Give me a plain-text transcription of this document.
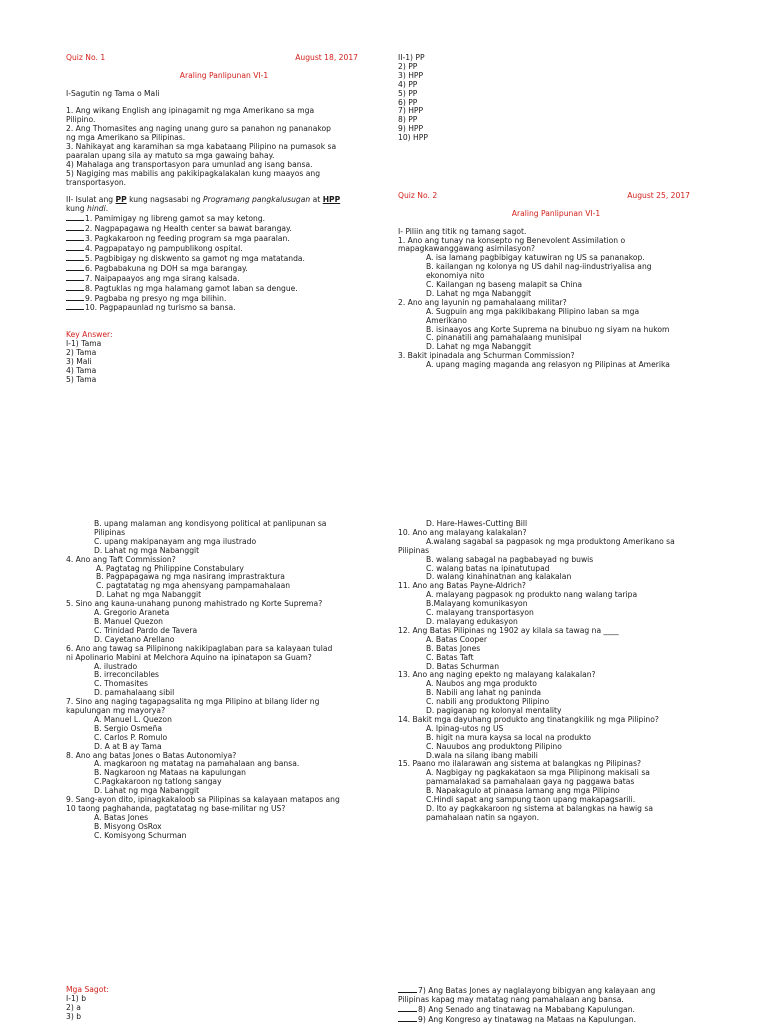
Quiz No. 1	August 18, 2017
Araling Panlipunan VI-1
I-Sagutin ng Tama o Mali
1. Ang wikang English ang ipinagamit ng mga Amerikano sa mga
Pilipino.
2. Ang Thomasites ang naging unang guro sa panahon ng pananakop
ng mga Amerikano sa Pilipinas.
3. Nahikayat ang karamihan sa mga kabataang Pilipino na pumasok sa
paaralan upang sila ay matuto sa mga gawaing bahay.
4) Mahalaga ang transportasyon para umunlad ang isang bansa.
5) Nagiging mas mabilis ang pakikipagkalakalan kung maayos ang
transportasyon.
II- Isulat ang PP kung nagsasabi ng Programang pangkalusugan at HPP
kung hindi.
1. Pamimigay ng libreng gamot sa may ketong.
2. Nagpapagawa ng Health center sa bawat barangay.
3. Pagkakaroon ng feeding program sa mga paaralan.
4. Pagpapatayo ng pampublikong ospital.
5. Pagbibigay ng diskwento sa gamot ng mga matatanda.
6. Pagbabakuna ng DOH sa mga barangay.
7. Naipapaayos ang mga sirang kalsada.
8. Pagtuklas ng mga halamang gamot laban sa dengue.
9. Pagbaba ng presyo ng mga bilihin.
10. Pagpapaunlad ng turismo sa bansa.
Key Answer:
I-1) Tama
2) Tama
3) Mali
4) Tama
5) Tama
II-1) PP
2) PP
3) HPP
4) PP
5) PP
6) PP
7) HPP
8) PP
9) HPP
10) HPP
Quiz No. 2	August 25, 2017
Araling Panlipunan VI-1
I- Piliin ang titik ng tamang sagot.
1. Ano ang tunay na konsepto ng Benevolent Assimilation o
mapagkawanggawang asimilasyon?
A. isa lamang pagbibigay katuwiran ng US sa pananakop.
B. kailangan ng kolonya ng US dahil nag-iindustriyalisa ang
ekonomiya nito
C. Kailangan ng baseng malapit sa China
D. Lahat ng mga Nabanggit
2. Ano ang layunin ng pamahalaang militar?
A. Sugpuin ang mga pakikibakang Pilipino laban sa mga
Amerikano
B. isinaayos ang Korte Suprema na binubuo ng siyam na hukom
C. pinanatili ang pamahalaang munisipal
D. Lahat ng mga Nabanggit
3. Bakit ipinadala ang Schurman Commission?
A. upang maging maganda ang relasyon ng Pilipinas at Amerika
B. upang malaman ang kondisyong political at panlipunan sa
Pilipinas
C. upang makipanayam ang mga ilustrado
D. Lahat ng mga Nabanggit
4. Ano ang Taft Commission?
A. Pagtatag ng Philippine Constabulary
B. Pagpapagawa ng mga nasirang imprastraktura
C. pagtatatag ng mga ahensyang pampamahalaan
D. Lahat ng mga Nabanggit
5. Sino ang kauna-unahang punong mahistrado ng Korte Suprema?
A. Gregorio Araneta
B. Manuel Quezon
C. Trinidad Pardo de Tavera
D. Cayetano Arellano
6. Ano ang tawag sa Pilipinong nakikipaglaban para sa kalayaan tulad
ni Apolinario Mabini at Melchora Aquino na ipinatapon sa Guam?
A. ilustrado
B. irreconcilables
C. Thomasites
D. pamahalaang sibil
7. Sino ang naging tagapagsalita ng mga Pilipino at bilang lider ng
kapulungan mg mayorya?
A. Manuel L. Quezon
B. Sergio Osmeña
C. Carlos P. Romulo
D. A at B ay Tama
8. Ano ang batas Jones o Batas Autonomiya?
A. magkaroon ng matatag na pamahalaan ang bansa.
B. Nagkaroon ng Mataas na kapulungan
C.Pagkakaroon ng tatlong sangay
D. Lahat ng mga Nabanggit
9. Sang-ayon dito, ipinagkakaloob sa Pilipinas sa kalayaan matapos ang
10 taong paghahanda, pagtatatag ng base-militar ng US?
A. Batas Jones
B. Misyong OsRox
C. Komisyong Schurman
D. Hare-Hawes-Cutting Bill
10. Ano ang malayang kalakalan?
A.walang sagabal sa pagpasok ng mga produktong Amerikano sa
Pilipinas
B. walang sabagal na pagbabayad ng buwis
C. walang batas na ipinatutupad
D. walang kinahinatnan ang kalakalan
11. Ano ang Batas Payne-Aldrich?
A. malayang pagpasok ng produkto nang walang taripa
B.Malayang komunikasyon
C. malayang transportasyon
D. malayang edukasyon
12. Ang Batas Pilipinas ng 1902 ay kilala sa tawag na ____
A. Batas Cooper
B. Batas Jones
C. Batas Taft
D. Batas Schurman
13. Ano ang naging epekto ng malayang kalakalan?
A. Naubos ang mga produkto
B. Nabili ang lahat ng paninda
C. nabili ang produktong Pilipino
D. pagiganap ng kolonyal mentality
14. Bakit mga dayuhang produkto ang tinatangkilik ng mga Pilipino?
A. Ipinag-utos ng US
B. higit na mura kaysa sa local na produkto
C. Nauubos ang produktong Pilipino
D.wala na silang ibang mabili
15. Paano mo ilalarawan ang sistema at balangkas ng Pilipinas?
A. Nagbigay ng pagkakataon sa mga Pilipinong makisali sa
pamamalakad sa pamahalaan gaya ng paggawa batas
B. Napakagulo at pinaasa lamang ang mga Pilipino
C.Hindi sapat ang sampung taon upang makapagsarili.
D. Ito ay pagkakaroon ng sistema at balangkas na hawig sa
pamahalaan natin sa ngayon.
Mga Sagot:
I-1) b
2) a
3) b
7) Ang Batas Jones ay naglalayong bibigyan ang kalayaan ang
Pilipinas kapag may matatag nang pamahalaan ang bansa.
8) Ang Senado ang tinatawag na Mababang Kapulungan.
9) Ang Kongreso ay tinatawag na Mataas na Kapulungan.
